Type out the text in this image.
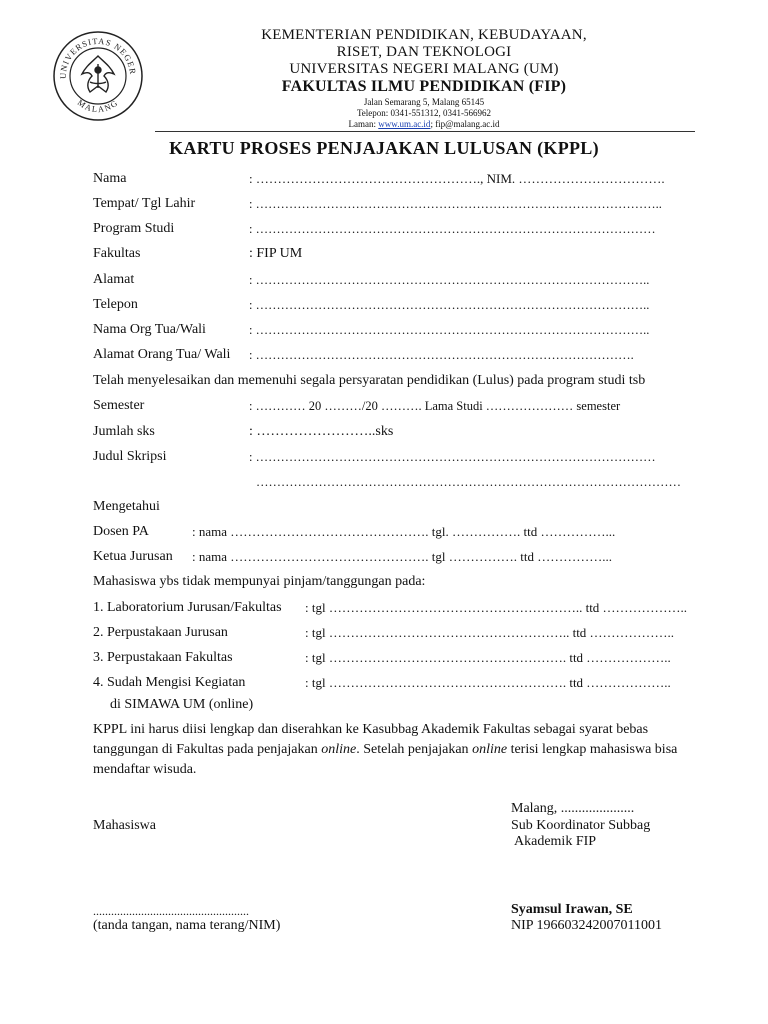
UNIVERSITAS NEGER
MALANG
KEMENTERIAN PENDIDIKAN, KEBUDAYAAN,
RISET, DAN TEKNOLOGI
UNIVERSITAS NEGERI MALANG (UM)
FAKULTAS ILMU PENDIDIKAN (FIP)
Jalan Semarang 5, Malang 65145
Telepon: 0341-551312, 0341-566962
Laman: www.um.ac.id; fip@malang.ac.id
KARTU PROSES PENJAJAKAN LULUSAN (KPPL)
Nama	: ……………………………………………., NIM. …………………………….
Tempat/ Tgl Lahir	: ……………………………………………………………………………………..
Program Studi	: ……………………………………………………………………………………
Fakultas	: FIP UM
Alamat	: …………………………………………………………………………………..
Telepon	: …………………………………………………………………………………..
Nama Org Tua/Wali	: …………………………………………………………………………………..
Alamat Orang Tua/ Wali : ……………………………………………………………………………….
Telah menyelesaikan dan memenuhi segala persyaratan pendidikan (Lulus) pada program studi tsb
Semester	: ………… 20 ………/20 ………. Lama Studi ………………… semester
Jumlah sks	: ……………………..sks
Judul Skripsi	: ……………………………………………………………………………………
…………………………………………………………………………………………
Mengetahui
Dosen PA	: nama ………………………………………. tgl. ……………. ttd ……………...
Ketua Jurusan : nama ………………………………………. tgl ……………. ttd ……………...
Mahasiswa ybs tidak mempunyai pinjam/tanggungan pada:
1. Laboratorium Jurusan/Fakultas : tgl ………………………………………………….. ttd ………………..
2. Perpustakaan Jurusan	: tgl ……………………………………………….. ttd ………………..
3. Perpustakaan Fakultas	: tgl ………………………………………………. ttd ………………..
4. Sudah Mengisi Kegiatan	: tgl ………………………………………………. ttd ………………..
di SIMAWA UM (online)
KPPL ini harus diisi lengkap dan diserahkan ke Kasubbag Akademik Fakultas sebagai syarat bebas tanggungan di Fakultas pada penjajakan online. Setelah penjajakan online terisi lengkap mahasiswa bisa mendaftar wisuda.
Malang, .....................
Mahasiswa	Sub Koordinator Subbag
Akademik FIP
....................................................
(tanda tangan, nama terang/NIM)
Syamsul Irawan, SE
NIP 196603242007011001
